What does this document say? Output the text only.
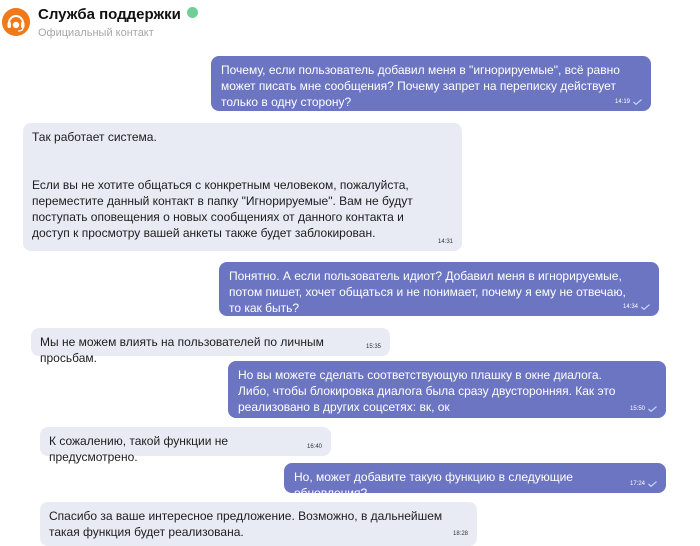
Служба поддержки
Официальный контакт
Почему, если пользователь добавил меня в "игнорируемые", всё равно может писать мне сообщения? Почему запрет на переписку действует только в одну сторону?	14:19
Так работает система.

Если вы не хотите общаться с конкретным человеком, пожалуйста, переместите данный контакт в папку "Игнорируемые". Вам не будут поступать оповещения о новых сообщениях от данного контакта и доступ к просмотру вашей анкеты также будет заблокирован.
14:31
Понятно. А если пользователь идиот? Добавил меня в игнорируемые, потом пишет, хочет общаться и не понимает, почему я ему не отвечаю, то как быть?	14:34
Мы не можем влиять на пользователей по личным просьбам.
15:35
Но вы можете сделать соответствующую плашку в окне диалога. Либо, чтобы блокировка диалога была сразу двусторонняя. Как это реализовано в других соцсетях: вк, ок	15:50
К сожалению, такой функции не предусмотрено.
16:40
Но, может добавите такую функцию в следующие обновления?
17:24
Спасибо за ваше интересное предложение. Возможно, в дальнейшем такая функция будет реализована.	18:28
